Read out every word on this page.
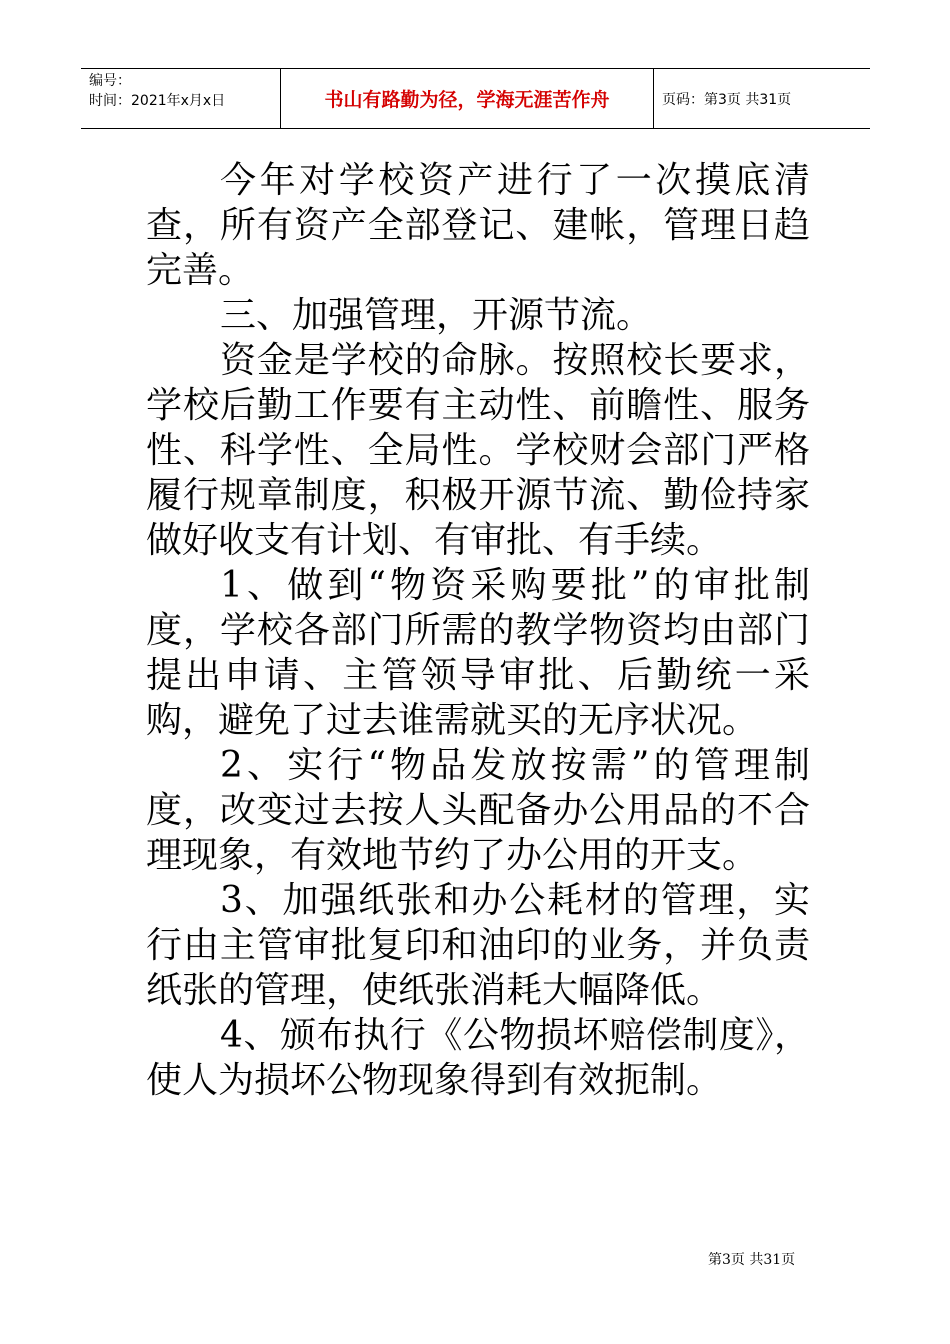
编号：
时间：2021年x月x日	书山有路勤为径，学海无涯苦作舟	页码：第3页 共31页

今年对学校资产进行了一次摸底清查，所有资产全部登记、建帐，管理日趋完善。

三、加强管理，开源节流。

资金是学校的命脉。按照校长要求，学校后勤工作要有主动性、前瞻性、服务性、科学性、全局性。学校财会部门严格履行规章制度，积极开源节流、勤俭持家做好收支有计划、有审批、有手续。

1、做到“物资采购要批”的审批制度，学校各部门所需的教学物资均由部门提出申请、主管领导审批、后勤统一采购，避免了过去谁需就买的无序状况。

2、实行“物品发放按需”的管理制度，改变过去按人头配备办公用品的不合理现象，有效地节约了办公用的开支。

3、加强纸张和办公耗材的管理，实行由主管审批复印和油印的业务，并负责纸张的管理，使纸张消耗大幅降低。

4、颁布执行《公物损坏赔偿制度》，使人为损坏公物现象得到有效扼制。

第3页 共31页
